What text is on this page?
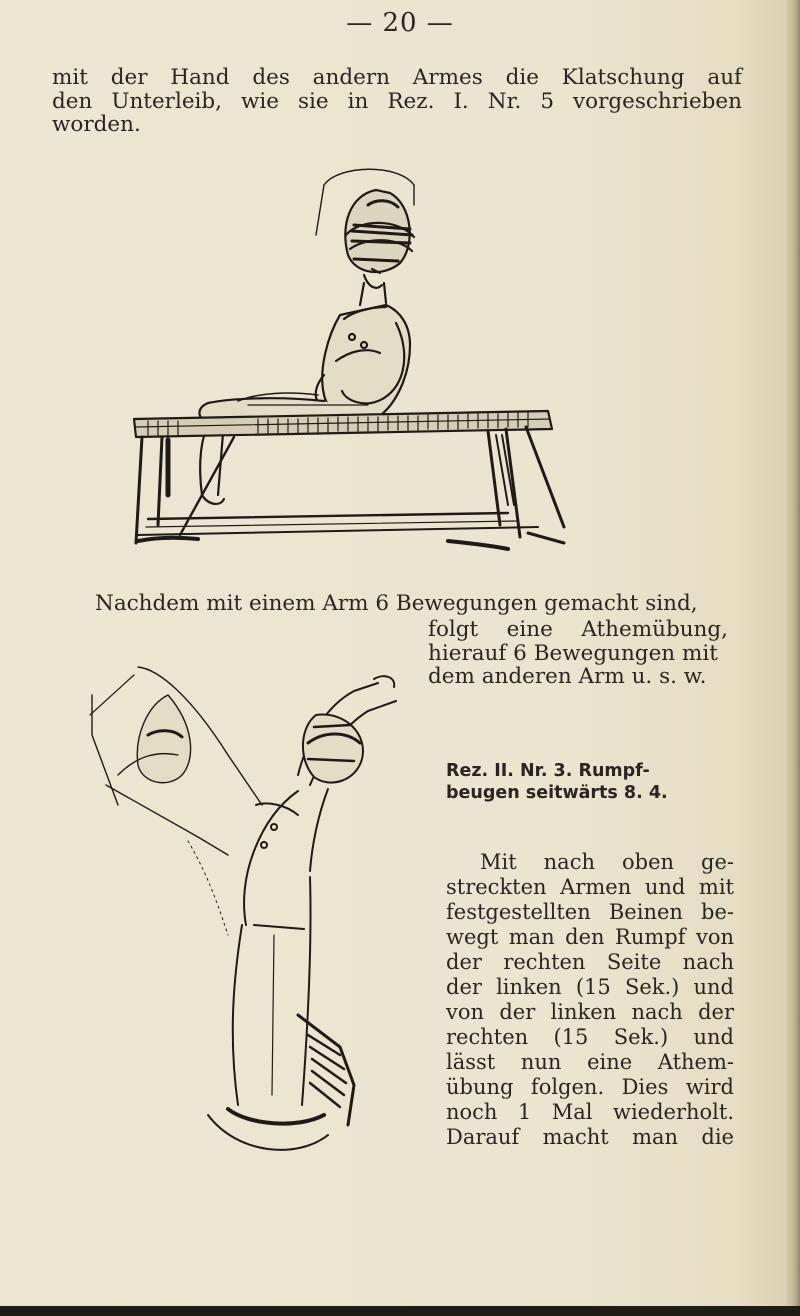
— 20 —
mit der Hand des andern Armes die Klatschung auf
den Unterleib, wie sie in Rez. I. Nr. 5 vorgeschrieben
worden.
Nachdem mit einem Arm 6 Bewegungen gemacht sind,
folgt eine Athemübung,
hierauf 6 Bewegungen mit
dem anderen Arm u. s. w.
Rez. II. Nr. 3. Rumpf-
beugen seitwärts 8. 4.
Mit nach oben ge-
streckten Armen und mit
festgestellten Beinen be-
wegt man den Rumpf von
der rechten Seite nach
der linken (15 Sek.) und
von der linken nach der
rechten (15 Sek.) und
lässt nun eine Athem-
übung folgen. Dies wird
noch 1 Mal wiederholt.
Darauf macht man die
